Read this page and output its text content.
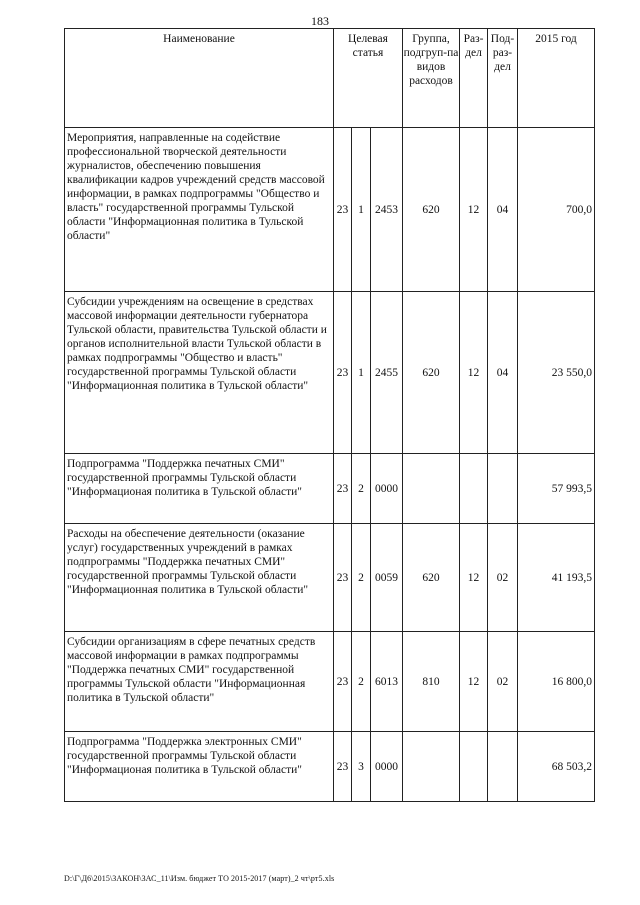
183
Наименование	Целевая статья			Группа, подгруп-па видов расходов	Раз-дел	Под-раз-дел	2015 год
Мероприятия, направленные на содействие профессиональной творческой деятельности журналистов, обеспечению повышения квалификации кадров учреждений средств массовой информации, в рамках подпрограммы "Общество и власть" государственной программы Тульской области "Информационная политика в Тульской области"	23	1	2453	620	12	04	700,0
Субсидии учреждениям на освещение в средствах массовой информации деятельности губернатора Тульской области, правительства Тульской области и органов исполнительной власти Тульской области в рамках подпрограммы "Общество и власть" государственной программы Тульской области "Информационная политика в Тульской области"	23	1	2455	620	12	04	23 550,0
Подпрограмма "Поддержка печатных СМИ" государственной программы Тульской области "Информационая политика в Тульской области"	23	2	0000				57 993,5
Расходы на обеспечение деятельности (оказание услуг) государственных учреждений в рамках подпрограммы "Поддержка печатных СМИ" государственной программы Тульской области "Информационная политика в Тульской области"	23	2	0059	620	12	02	41 193,5
Субсидии организациям в сфере печатных средств массовой информации в рамках подпрограммы "Поддержка печатных СМИ" государственной программы Тульской области "Информационная политика в Тульской области"	23	2	6013	810	12	02	16 800,0
Подпрограмма "Поддержка электронных СМИ" государственной программы Тульской области "Информационая политика в Тульской области"	23	3	0000				68 503,2
D:\Г\Д6\2015\ЗАКОН\ЗАС_11\Изм. бюджет ТО 2015-2017 (март)_2 чт\рт5.xls
